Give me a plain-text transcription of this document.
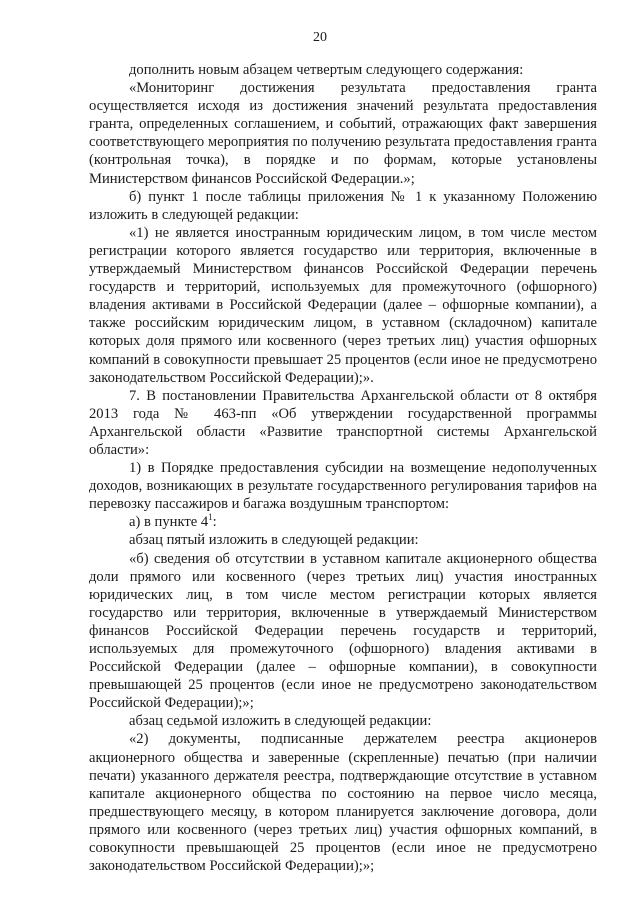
20

дополнить новым абзацем четвертым следующего содержания:

«Мониторинг достижения результата предоставления гранта осуществляется исходя из достижения значений результата предоставления гранта, определенных соглашением, и событий, отражающих факт завершения соответствующего мероприятия по получению результата предоставления гранта (контрольная точка), в порядке и по формам, которые установлены Министерством финансов Российской Федерации.»;

б) пункт 1 после таблицы приложения № 1 к указанному Положению изложить в следующей редакции:

«1) не является иностранным юридическим лицом, в том числе местом регистрации которого является государство или территория, включенные в утверждаемый Министерством финансов Российской Федерации перечень государств и территорий, используемых для промежуточного (офшорного) владения активами в Российской Федерации (далее – офшорные компании), а также российским юридическим лицом, в уставном (складочном) капитале которых доля прямого или косвенного (через третьих лиц) участия офшорных компаний в совокупности превышает 25 процентов (если иное не предусмотрено законодательством Российской Федерации);».

7. В постановлении Правительства Архангельской области от 8 октября 2013 года № 463-пп «Об утверждении государственной программы Архангельской области «Развитие транспортной системы Архангельской области»:

1) в Порядке предоставления субсидии на возмещение недополученных доходов, возникающих в результате государственного регулирования тарифов на перевозку пассажиров и багажа воздушным транспортом:

а) в пункте $4^1$:

абзац пятый изложить в следующей редакции:

«б) сведения об отсутствии в уставном капитале акционерного общества доли прямого или косвенного (через третьих лиц) участия иностранных юридических лиц, в том числе местом регистрации которых является государство или территория, включенные в утверждаемый Министерством финансов Российской Федерации перечень государств и территорий, используемых для промежуточного (офшорного) владения активами в Российской Федерации (далее – офшорные компании), в совокупности превышающей 25 процентов (если иное не предусмотрено законодательством Российской Федерации);»;

абзац седьмой изложить в следующей редакции:

«2) документы, подписанные держателем реестра акционеров акционерного общества и заверенные (скрепленные) печатью (при наличии печати) указанного держателя реестра, подтверждающие отсутствие в уставном капитале акционерного общества по состоянию на первое число месяца, предшествующего месяцу, в котором планируется заключение договора, доли прямого или косвенного (через третьих лиц) участия офшорных компаний, в совокупности превышающей 25 процентов (если иное не предусмотрено законодательством Российской Федерации);»;
